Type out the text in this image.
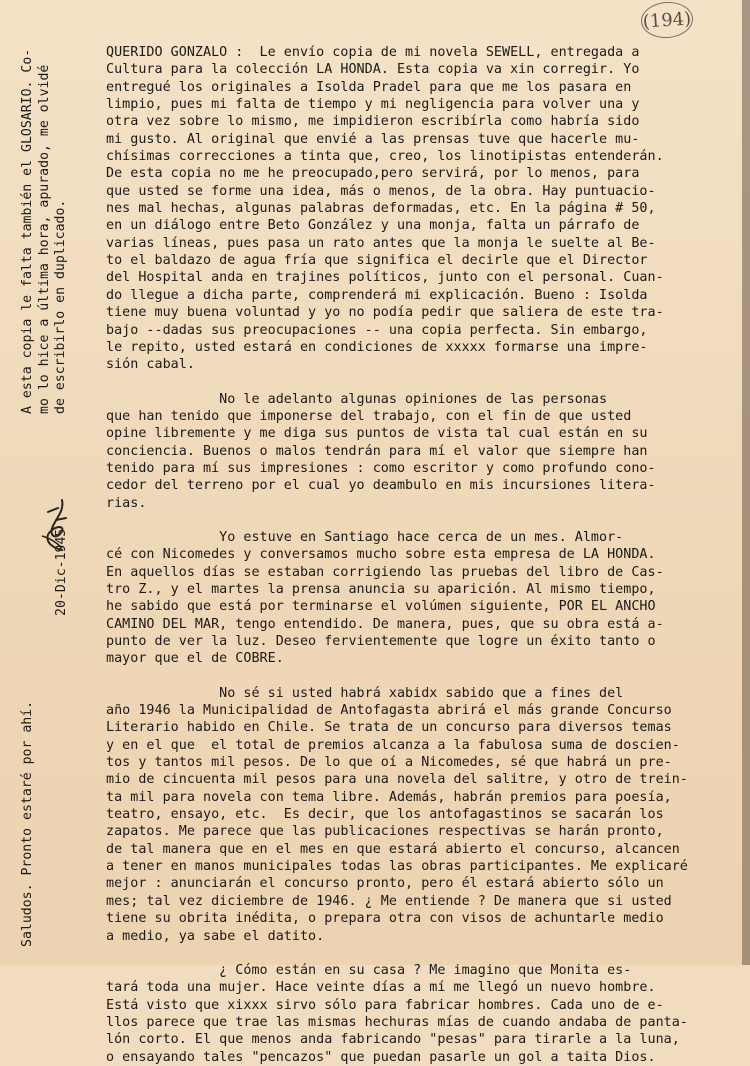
(194)
QUERIDO GONZALO :  Le envío copia de mi novela SEWELL, entregada a
Cultura para la colección LA HONDA. Esta copia va xin corregir. Yo
entregué los originales a Isolda Pradel para que me los pasara en
limpio, pues mi falta de tiempo y mi negligencia para volver una y
otra vez sobre lo mismo, me impidieron escribírla como habría sido
mi gusto. Al original que envié a las prensas tuve que hacerle mu-
chísimas correcciones a tinta que, creo, los linotipistas entenderán.
De esta copia no me he preocupado,pero servirá, por lo menos, para
que usted se forme una idea, más o menos, de la obra. Hay puntuacio-
nes mal hechas, algunas palabras deformadas, etc. En la página # 50,
en un diálogo entre Beto González y una monja, falta un párrafo de
varias líneas, pues pasa un rato antes que la monja le suelte al Be-
to el baldazo de agua fría que significa el decirle que el Director
del Hospital anda en trajines políticos, junto con el personal. Cuan-
do llegue a dicha parte, comprenderá mi explicación. Bueno : Isolda
tiene muy buena voluntad y yo no podía pedir que saliera de este tra-
bajo --dadas sus preocupaciones -- una copia perfecta. Sin embargo,
le repito, usted estará en condiciones de xxxxx formarse una impre-
sión cabal.
No le adelanto algunas opiniones de las personas
que han tenido que imponerse del trabajo, con el fin de que usted
opine libremente y me diga sus puntos de vista tal cual están en su
conciencia. Buenos o malos tendrán para mí el valor que siempre han
tenido para mí sus impresiones : como escritor y como profundo cono-
cedor del terreno por el cual yo deambulo en mis incursiones litera-
rias.
Yo estuve en Santiago hace cerca de un mes. Almor-
cé con Nicomedes y conversamos mucho sobre esta empresa de LA HONDA.
En aquellos días se estaban corrigiendo las pruebas del libro de Cas-
tro Z., y el martes la prensa anuncia su aparición. Al mismo tiempo,
he sabido que está por terminarse el volúmen siguiente, POR EL ANCHO
CAMINO DEL MAR, tengo entendido. De manera, pues, que su obra está a-
punto de ver la luz. Deseo fervientemente que logre un éxito tanto o
mayor que el de COBRE.
No sé si usted habrá xabidx sabido que a fines del
año 1946 la Municipalidad de Antofagasta abrirá el más grande Concurso
Literario habido en Chile. Se trata de un concurso para diversos temas
y en el que  el total de premios alcanza a la fabulosa suma de doscien-
tos y tantos mil pesos. De lo que oí a Nicomedes, sé que habrá un pre-
mio de cincuenta mil pesos para una novela del salitre, y otro de trein-
ta mil para novela con tema libre. Además, habrán premios para poesía,
teatro, ensayo, etc.  Es decir, que los antofagastinos se sacarán los
zapatos. Me parece que las publicaciones respectivas se harán pronto,
de tal manera que en el mes en que estará abierto el concurso, alcancen
a tener en manos municipales todas las obras participantes. Me explicaré
mejor : anunciarán el concurso pronto, pero él estará abierto sólo un
mes; tal vez diciembre de 1946. ¿ Me entiende ? De manera que si usted
tiene su obrita inédita, o prepara otra con visos de achuntarle medio
a medio, ya sabe el datito.
¿ Cómo están en su casa ? Me imagino que Monita es-
tará toda una mujer. Hace veinte días a mí me llegó un nuevo hombre.
Está visto que xixxx sirvo sólo para fabricar hombres. Cada uno de e-
llos parece que trae las mismas hechuras mías de cuando andaba de panta-
lón corto. El que menos anda fabricando "pesas" para tirarle a la luna,
o ensayando tales "pencazos" que puedan pasarle un gol a taita Dios.
A esta copia le falta también el GLOSARIO. Co- mo lo hice a última hora, apurado, me olvidé de escribirlo en duplicado.
Saludos. Pronto estaré por ahí.
20-Dic-1945
